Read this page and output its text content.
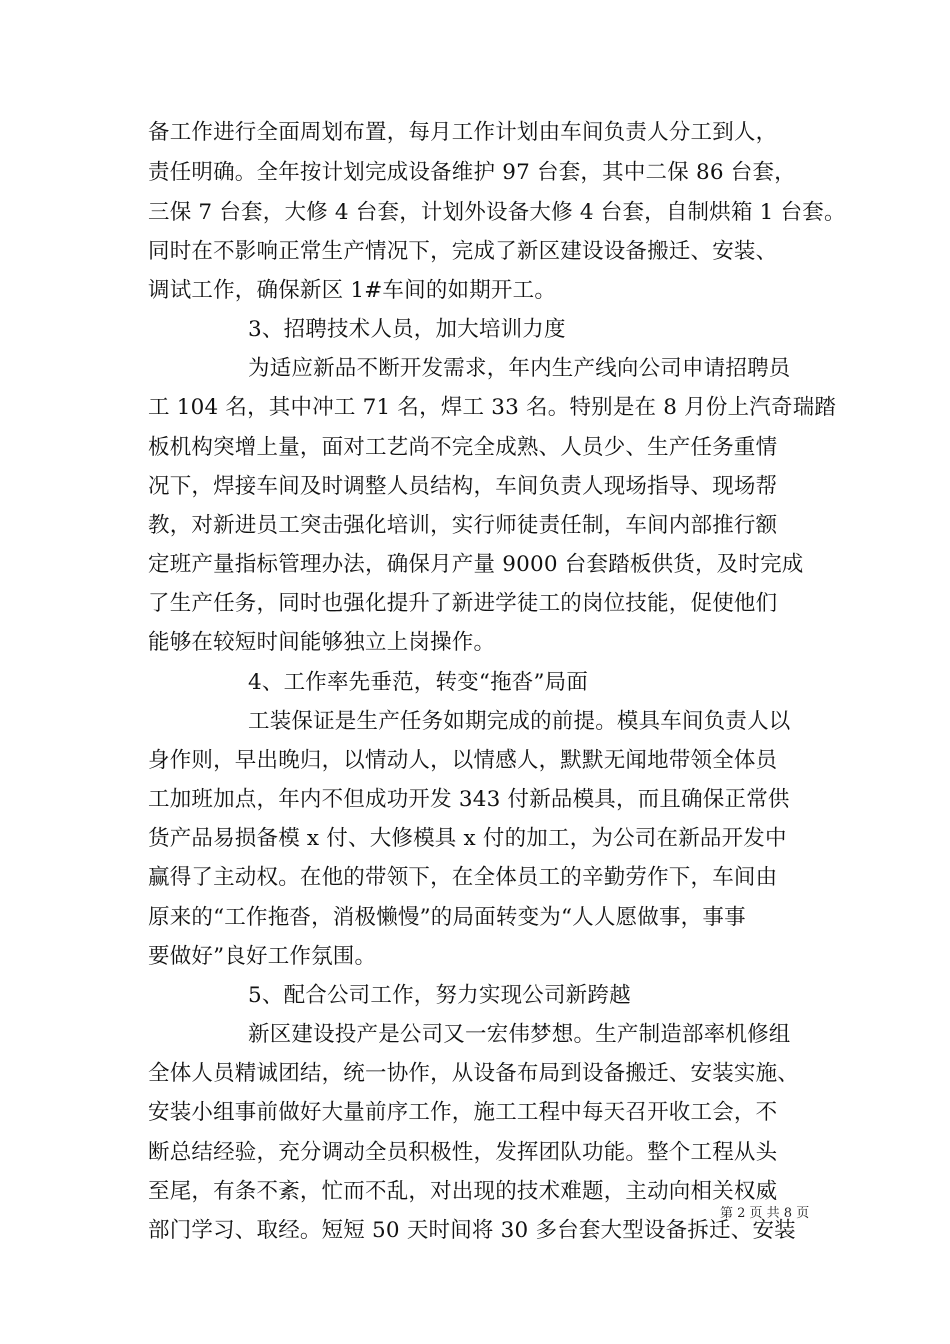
备工作进行全面周划布置，每月工作计划由车间负责人分工到人，
责任明确。全年按计划完成设备维护 97 台套，其中二保 86 台套，
三保 7 台套，大修 4 台套，计划外设备大修 4 台套，自制烘箱 1 台套。
同时在不影响正常生产情况下，完成了新区建设设备搬迁、安装、
调试工作，确保新区 1#车间的如期开工。
3、招聘技术人员，加大培训力度
为适应新品不断开发需求，年内生产线向公司申请招聘员
工 104 名，其中冲工 71 名，焊工 33 名。特别是在 8 月份上汽奇瑞踏
板机构突增上量，面对工艺尚不完全成熟、人员少、生产任务重情
况下，焊接车间及时调整人员结构，车间负责人现场指导、现场帮
教，对新进员工突击强化培训，实行师徒责任制，车间内部推行额
定班产量指标管理办法，确保月产量 9000 台套踏板供货，及时完成
了生产任务，同时也强化提升了新进学徒工的岗位技能，促使他们
能够在较短时间能够独立上岗操作。
4、工作率先垂范，转变“拖沓”局面
工装保证是生产任务如期完成的前提。模具车间负责人以
身作则，早出晚归，以情动人，以情感人，默默无闻地带领全体员
工加班加点，年内不但成功开发 343 付新品模具，而且确保正常供
货产品易损备模 x 付、大修模具 x 付的加工，为公司在新品开发中
赢得了主动权。在他的带领下，在全体员工的辛勤劳作下，车间由
原来的“工作拖沓，消极懒慢”的局面转变为“人人愿做事，事事
要做好”良好工作氛围。
5、配合公司工作，努力实现公司新跨越
新区建设投产是公司又一宏伟梦想。生产制造部率机修组
全体人员精诚团结，统一协作，从设备布局到设备搬迁、安装实施、
安装小组事前做好大量前序工作，施工工程中每天召开收工会，不
断总结经验，充分调动全员积极性，发挥团队功能。整个工程从头
至尾，有条不紊，忙而不乱，对出现的技术难题，主动向相关权威
部门学习、取经。短短 50 天时间将 30 多台套大型设备拆迁、安装
第 2 页 共 8 页
